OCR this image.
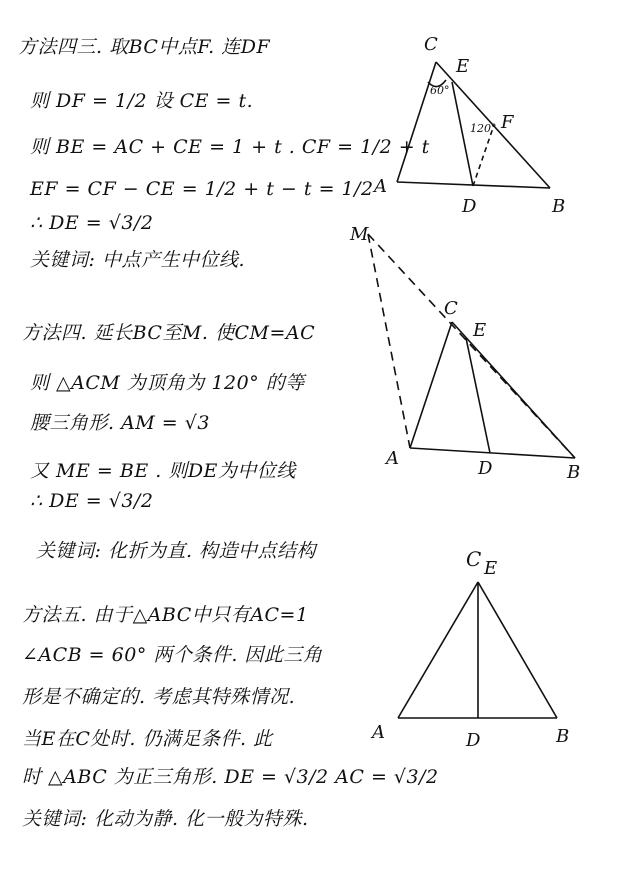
方法四三. 取BC中点F. 连DF
则 DF = 1/2 设 CE = t.
则 BE = AC + CE = 1 + t . CF = 1/2 + t
EF = CF − CE = 1/2 + t − t = 1/2
∴ DE = √3/2
关键词: 中点产生中位线.
方法四. 延长BC至M. 使CM=AC
则 △ACM 为顶角为 120° 的等
腰三角形. AM = √3
又 ME = BE . 则DE为中位线
∴ DE = √3/2
关键词: 化折为直. 构造中点结构
方法五. 由于△ABC中只有AC=1
∠ACB = 60° 两个条件. 因此三角
形是不确定的. 考虑其特殊情况.
当E在C处时. 仍满足条件. 此
时 △ABC 为正三角形. DE = √3/2 AC = √3/2
关键词: 化动为静. 化一般为特殊.
C
E
F
A
D	B
60°
120°
M
C
E
A	D	B
C E
A	D	B
